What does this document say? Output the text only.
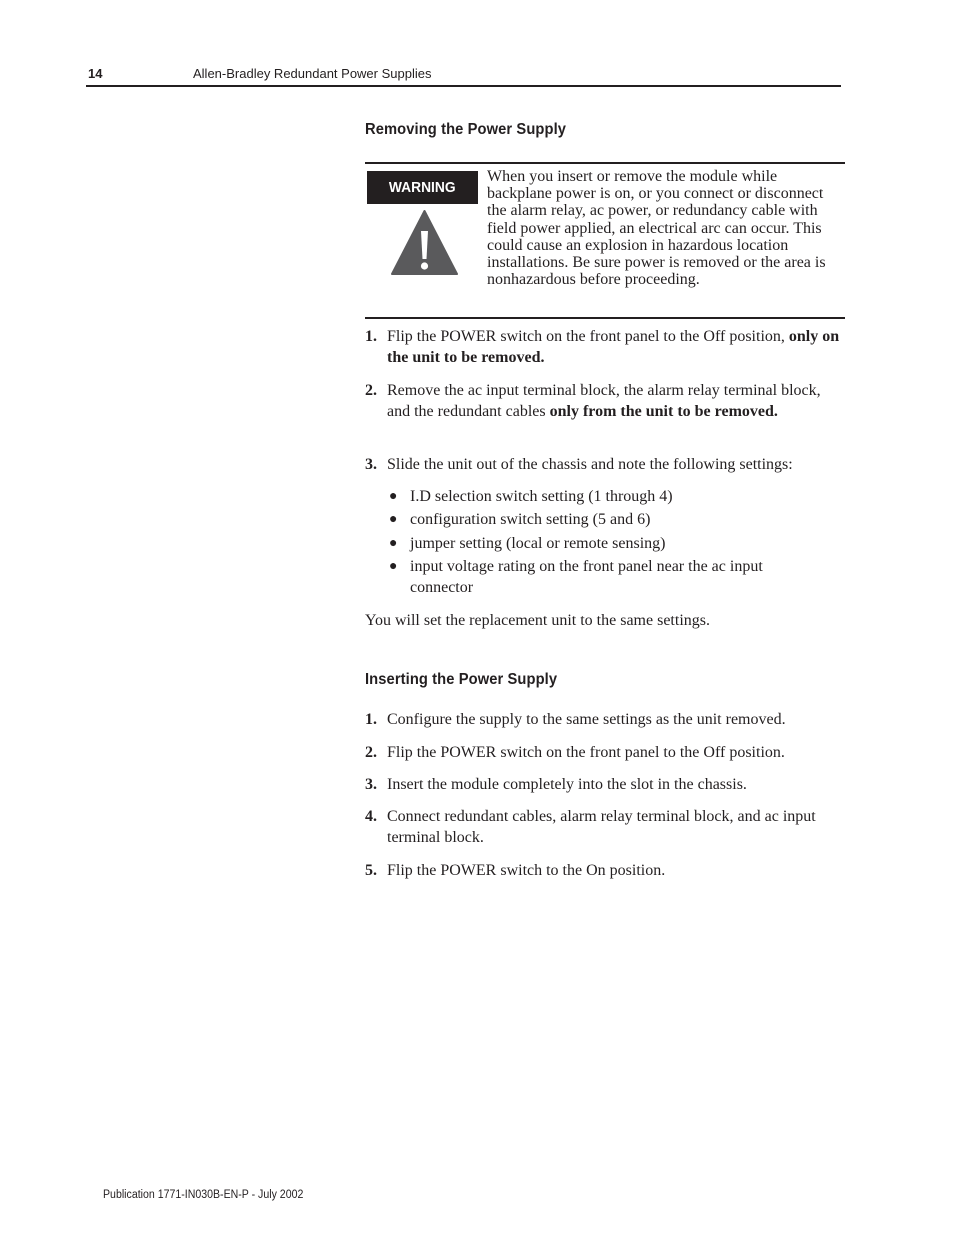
14	Allen-Bradley Redundant Power Supplies
Removing the Power Supply
WARNING
When you insert or remove the module while backplane power is on, or you connect or disconnect the alarm relay, ac power, or redundancy cable with field power applied, an electrical arc can occur. This could cause an explosion in hazardous location installations. Be sure power is removed or the area is nonhazardous before proceeding.
1. Flip the POWER switch on the front panel to the Off position, only on the unit to be removed.
2. Remove the ac input terminal block, the alarm relay terminal block, and the redundant cables only from the unit to be removed.
3. Slide the unit out of the chassis and note the following settings:
● I.D selection switch setting (1 through 4)
● configuration switch setting (5 and 6)
● jumper setting (local or remote sensing)
● input voltage rating on the front panel near the ac input connector
You will set the replacement unit to the same settings.
Inserting the Power Supply
1. Configure the supply to the same settings as the unit removed.
2. Flip the POWER switch on the front panel to the Off position.
3. Insert the module completely into the slot in the chassis.
4. Connect redundant cables, alarm relay terminal block, and ac input terminal block.
5. Flip the POWER switch to the On position.
Publication 1771-IN030B-EN-P - July 2002
